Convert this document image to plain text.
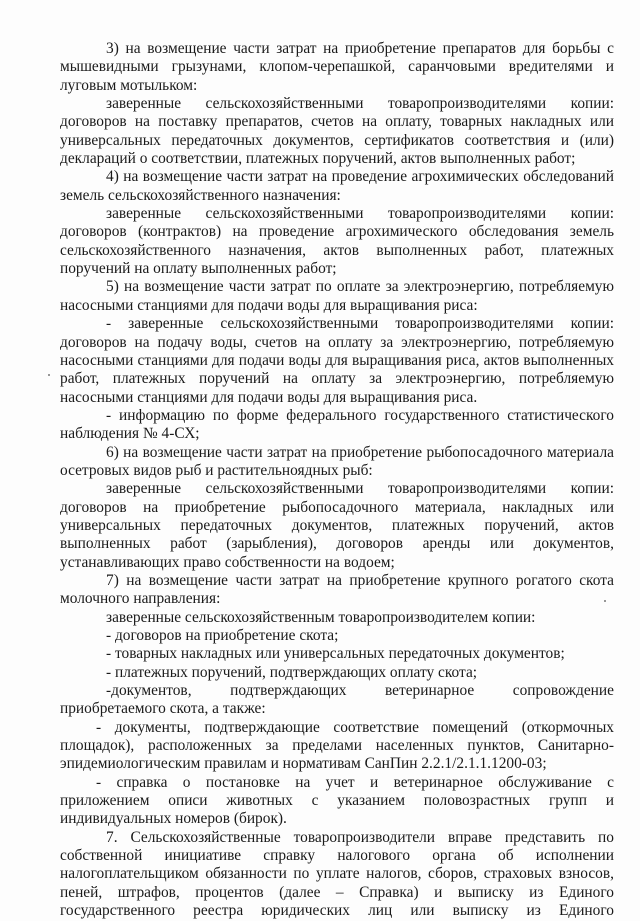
3) на возмещение части затрат на приобретение препаратов для борьбы с
мышевидными грызунами, клопом-черепашкой, саранчовыми вредителями и
луговым мотыльком:
заверенные сельскохозяйственными товаропроизводителями копии:
договоров на поставку препаратов, счетов на оплату, товарных накладных или
универсальных передаточных документов, сертификатов соответствия и (или)
деклараций о соответствии, платежных поручений, актов выполненных работ;
4) на возмещение части затрат на проведение агрохимических обследований
земель сельскохозяйственного назначения:
заверенные сельскохозяйственными товаропроизводителями копии:
договоров (контрактов) на проведение агрохимического обследования земель
сельскохозяйственного назначения, актов выполненных работ, платежных
поручений на оплату выполненных работ;
5) на возмещение части затрат по оплате за электроэнергию, потребляемую
насосными станциями для подачи воды для выращивания риса:
- заверенные сельскохозяйственными товаропроизводителями копии:
договоров на подачу воды, счетов на оплату за электроэнергию, потребляемую
насосными станциями для подачи воды для выращивания риса, актов выполненных
работ, платежных поручений на оплату за электроэнергию, потребляемую
насосными станциями для подачи воды для выращивания риса.
- информацию по форме федерального государственного статистического
наблюдения № 4-СХ;
6) на возмещение части затрат на приобретение рыбопосадочного материала
осетровых видов рыб и растительноядных рыб:
заверенные сельскохозяйственными товаропроизводителями копии:
договоров на приобретение рыбопосадочного материала, накладных или
универсальных передаточных документов, платежных поручений, актов
выполненных работ (зарыбления), договоров аренды или документов,
устанавливающих право собственности на водоем;
7) на возмещение части затрат на приобретение крупного рогатого скота
молочного направления:
заверенные сельскохозяйственным товаропроизводителем копии:
- договоров на приобретение скота;
- товарных накладных или универсальных передаточных документов;
- платежных поручений, подтверждающих оплату скота;
-документов, подтверждающих ветеринарное сопровождение
приобретаемого скота, а также:
- документы, подтверждающие соответствие помещений (откормочных
площадок), расположенных за пределами населенных пунктов, Санитарно-
эпидемиологическим правилам и нормативам СанПин 2.2.1/2.1.1.1200-03;
- справка о постановке на учет и ветеринарное обслуживание с
приложением описи животных с указанием половозрастных групп и
индивидуальных номеров (бирок).
7. Сельскохозяйственные товаропроизводители вправе представить по
собственной инициативе справку налогового органа об исполнении
налогоплательщиком обязанности по уплате налогов, сборов, страховых взносов,
пеней, штрафов, процентов (далее – Справка) и выписку из Единого
государственного реестра юридических лиц или выписку из Единого
